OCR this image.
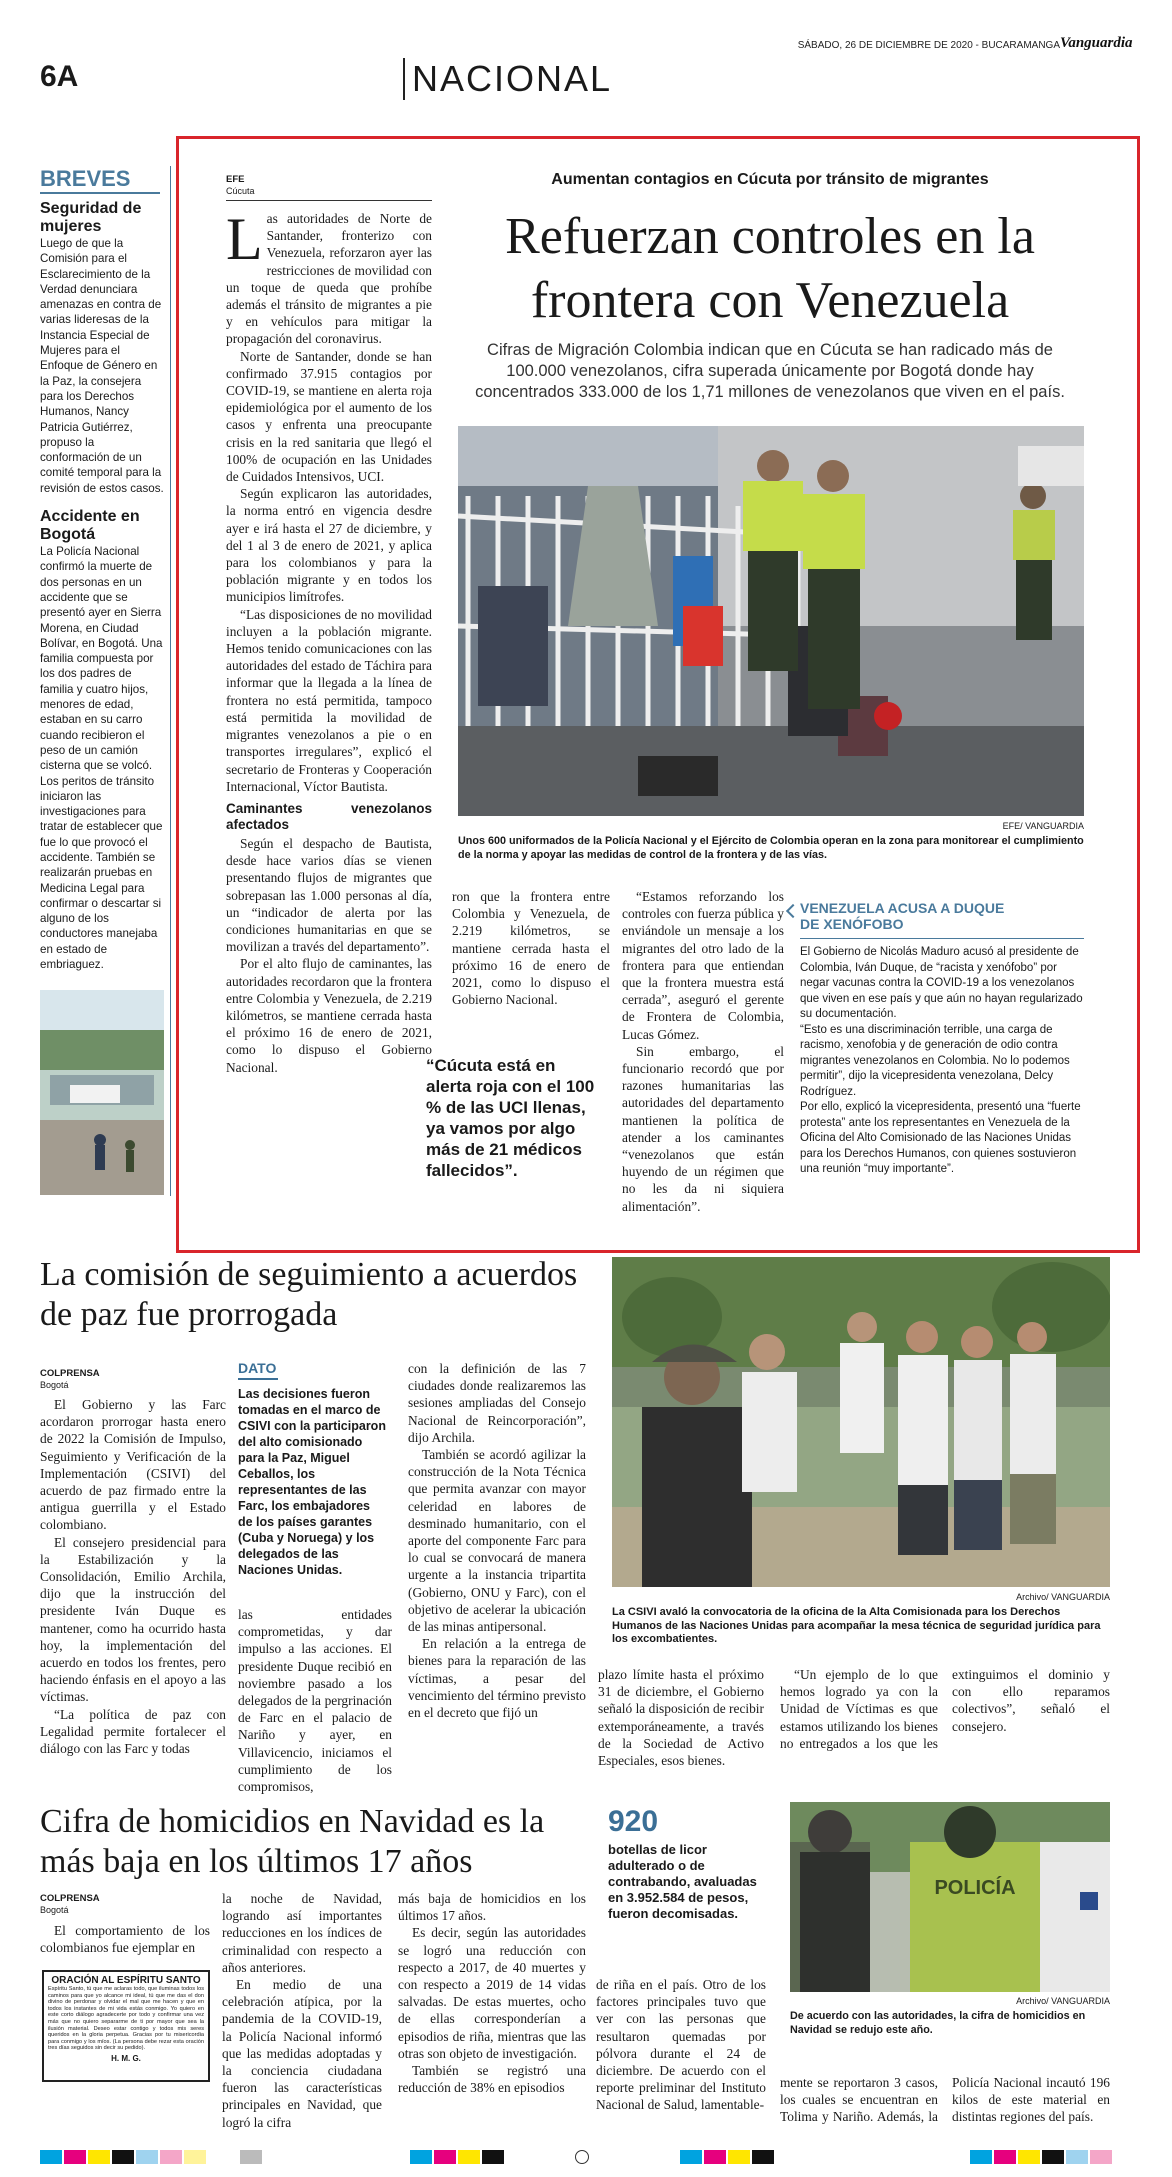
SÁBADO, 26 DE DICIEMBRE DE 2020 - BUCARAMANGA Vanguardia
6A	NACIONAL
BREVES
Seguridad de mujeres
Luego de que la Comisión para el Esclarecimiento de la Verdad denunciara amenazas en contra de varias lideresas de la Instancia Especial de Mujeres para el Enfoque de Género en la Paz, la consejera para los Derechos Humanos, Nancy Patricia Gutiérrez, propuso la conformación de un comité temporal para la revisión de estos casos.
Accidente en Bogotá
La Policía Nacional confirmó la muerte de dos personas en un accidente que se presentó ayer en Sierra Morena, en Ciudad Bolívar, en Bogotá. Una familia compuesta por los dos padres de familia y cuatro hijos, menores de edad, estaban en su carro cuando recibieron el peso de un camión cisterna que se volcó. Los peritos de tránsito iniciaron las investigaciones para tratar de establecer que fue lo que provocó el accidente. También se realizarán pruebas en Medicina Legal para confirmar o descartar si alguno de los conductores manejaba en estado de embriaguez.
EFE
Cúcuta
Aumentan contagios en Cúcuta por tránsito de migrantes
Refuerzan controles en la frontera con Venezuela
Cifras de Migración Colombia indican que en Cúcuta se han radicado más de 100.000 venezolanos, cifra superada únicamente por Bogotá donde hay concentrados 333.000 de los 1,71 millones de venezolanos que viven en el país.

Las autoridades de Norte de Santander, fronterizo con Venezuela, reforzaron ayer las restricciones de movilidad con un toque de queda que prohíbe además el tránsito de migrantes a pie y en vehículos para mitigar la propagación del coronavirus.

Norte de Santander, donde se han confirmado 37.915 contagios por COVID-19, se mantiene en alerta roja epidemiológica por el aumento de los casos y enfrenta una preocupante crisis en la red sanitaria que llegó el 100% de ocupación en las Unidades de Cuidados Intensivos, UCI.

Según explicaron las autoridades, la norma entró en vigencia desdre ayer e irá hasta el 27 de diciembre, y del 1 al 3 de enero de 2021, y aplica para los colombianos y para la población migrante y en todos los municipios limítrofes.

“Las disposiciones de no movilidad incluyen a la población migrante. Hemos tenido comunicaciones con las autoridades del estado de Táchira para informar que la llegada a la línea de frontera no está permitida, tampoco está permitida la movilidad de migrantes venezolanos a pie o en transportes irregulares”, explicó el secretario de Fronteras y Cooperación Internacional, Víctor Bautista.

Caminantes venezolanos afectados

Según el despacho de Bautista, desde hace varios días se vienen presentando flujos de migrantes que sobrepasan las 1.000 personas al día, un “indicador de alerta por las condiciones humanitarias en que se movilizan a través del departamento”.

Por el alto flujo de caminantes, las autoridades recordaron que la frontera entre Colombia y Venezuela, de 2.219 kilómetros, se mantiene cerrada hasta el próximo 16 de enero de 2021, como lo dispuso el Gobierno Nacional.

EFE/ VANGUARDIA
Unos 600 uniformados de la Policía Nacional y el Ejército de Colombia operan en la zona para monitorear el cumplimiento de la norma y apoyar las medidas de control de la frontera y de las vías.

ron que la frontera entre Colombia y Venezuela, de 2.219 kilómetros, se mantiene cerrada hasta el próximo 16 de enero de 2021, como lo dispuso el Gobierno Nacional.

“Cúcuta está en alerta roja con el 100 % de las UCI llenas, ya vamos por algo más de 21 médicos fallecidos”.

“Estamos reforzando los controles con fuerza pública y enviándole un mensaje a los migrantes del otro lado de la frontera para que entiendan que la frontera muestra está cerrada”, aseguró el gerente de Frontera de Colombia, Lucas Gómez.

Sin embargo, el funcionario recordó que por razones humanitarias las autoridades del departamento mantienen la política de atender a los caminantes “venezolanos que están huyendo de un régimen que no les da ni siquiera alimentación”.

VENEZUELA ACUSA A DUQUE DE XENÓFOBO
El Gobierno de Nicolás Maduro acusó al presidente de Colombia, Iván Duque, de “racista y xenófobo” por negar vacunas contra la COVID-19 a los venezolanos que viven en ese país y que aún no hayan regularizado su documentación.
“Esto es una discriminación terrible, una carga de racismo, xenofobia y de generación de odio contra migrantes venezolanos en Colombia. No lo podemos permitir”, dijo la vicepresidenta venezolana, Delcy Rodríguez.
Por ello, explicó la vicepresidenta, presentó una “fuerte protesta” ante los representantes en Venezuela de la Oficina del Alto Comisionado de las Naciones Unidas para los Derechos Humanos, con quienes sostuvieron una reunión “muy importante”.
La comisión de seguimiento a acuerdos de paz fue prorrogada
COLPRENSA
Bogotá

El Gobierno y las Farc acordaron prorrogar hasta enero de 2022 la Comisión de Impulso, Seguimiento y Verificación de la Implementación (CSIVI) del acuerdo de paz firmado entre la antigua guerrilla y el Estado colombiano.

El consejero presidencial para la Estabilización y la Consolidación, Emilio Archila, dijo que la instrucción del presidente Iván Duque es mantener, como ha ocurrido hasta hoy, la implementación del acuerdo en todos los frentes, pero haciendo énfasis en el apoyo a las víctimas.

“La política de paz con Legalidad permite fortalecer el diálogo con las Farc y todas

DATO
Las decisiones fueron tomadas en el marco de CSIVI con la participaron del alto comisionado para la Paz, Miguel Ceballos, los representantes de las Farc, los embajadores de los países garantes (Cuba y Noruega) y los delegados de las Naciones Unidas.

las entidades comprometidas, y dar impulso a las acciones. El presidente Duque recibió en noviembre pasado a los delegados de la pergrinación de Farc en el palacio de Nariño y ayer, en Villavicencio, iniciamos el cumplimiento de los compromisos,

con la definición de las 7 ciudades donde realizaremos las sesiones ampliadas del Consejo Nacional de Reincorporación”, dijo Archila.

También se acordó agilizar la construcción de la Nota Técnica que permita avanzar con mayor celeridad en labores de desminado humanitario, con el aporte del componente Farc para lo cual se convocará de manera urgente a la instancia tripartita (Gobierno, ONU y Farc), con el objetivo de acelerar la ubicación de las minas antipersonal.

En relación a la entrega de bienes para la reparación de las víctimas, a pesar del vencimiento del término previsto en el decreto que fijó un

Archivo/ VANGUARDIA
La CSIVI avaló la convocatoria de la oficina de la Alta Comisionada para los Derechos Humanos de las Naciones Unidas para acompañar la mesa técnica de seguridad jurídica para los excombatientes.

plazo límite hasta el próximo 31 de diciembre, el Gobierno señaló la disposición de recibir extemporáneamente, a través de la Sociedad de Activo Especiales, esos bienes.

“Un ejemplo de lo que hemos logrado ya con la Unidad de Víctimas es que estamos utilizando los bienes no entregados a los que les extinguimos el dominio y con ello reparamos colectivos”, señaló el consejero.

Cifra de homicidios en Navidad es la más baja en los últimos 17 años
COLPRENSA
Bogotá

El comportamiento de los colombianos fue ejemplar en

ORACIÓN AL ESPÍRITU SANTO
Espíritu Santo, tú que me aclaras todo, que iluminas todos los caminos para que yo alcance mi ideal, tú que me das el don divino de perdonar y olvidar el mal que me hacen y que en todos los instantes de mi vida estás conmigo. Yo quiero en este corto diálogo agradecerte por todo y confirmar una vez más que no quiero separarme de ti por mayor que sea la ilusión material. Deseo estar contigo y todos mis seres queridos en la gloria perpetua. Gracias por tu misericordia para conmigo y los míos. (La persona debe rezar esta oración tres días seguidos sin decir su pedido).
H. M. G.

la noche de Navidad, logrando así importantes reducciones en los índices de criminalidad con respecto a años anteriores.

En medio de una celebración atípica, por la pandemia de la COVID-19, la Policía Nacional informó que las medidas adoptadas y la conciencia ciudadana fueron las características principales en Navidad, que logró la cifra

más baja de homicidios en los últimos 17 años.

Es decir, según las autoridades se logró una reducción con respecto a 2017, de 40 muertes y con respecto a 2019 de 14 vidas salvadas. De estas muertes, ocho de ellas corresponderían a episodios de riña, mientras que las otras son objeto de investigación.

También se registró una reducción de 38% en episodios

920
botellas de licor adulterado o de contrabando, avaluadas en 3.952.584 de pesos, fueron decomisadas.

de riña en el país. Otro de los factores principales tuvo que ver con las personas que resultaron quemadas por pólvora durante el 24 de diciembre. De acuerdo con el reporte preliminar del Instituto Nacional de Salud, lamentable-

mente se reportaron 3 casos, los cuales se encuentran en Tolima y Nariño. Además, la Policía Nacional incautó 196 kilos de este material en distintas regiones del país.

POLICÍA
Archivo/ VANGUARDIA
De acuerdo con las autoridades, la cifra de homicidios en Navidad se redujo este año.
